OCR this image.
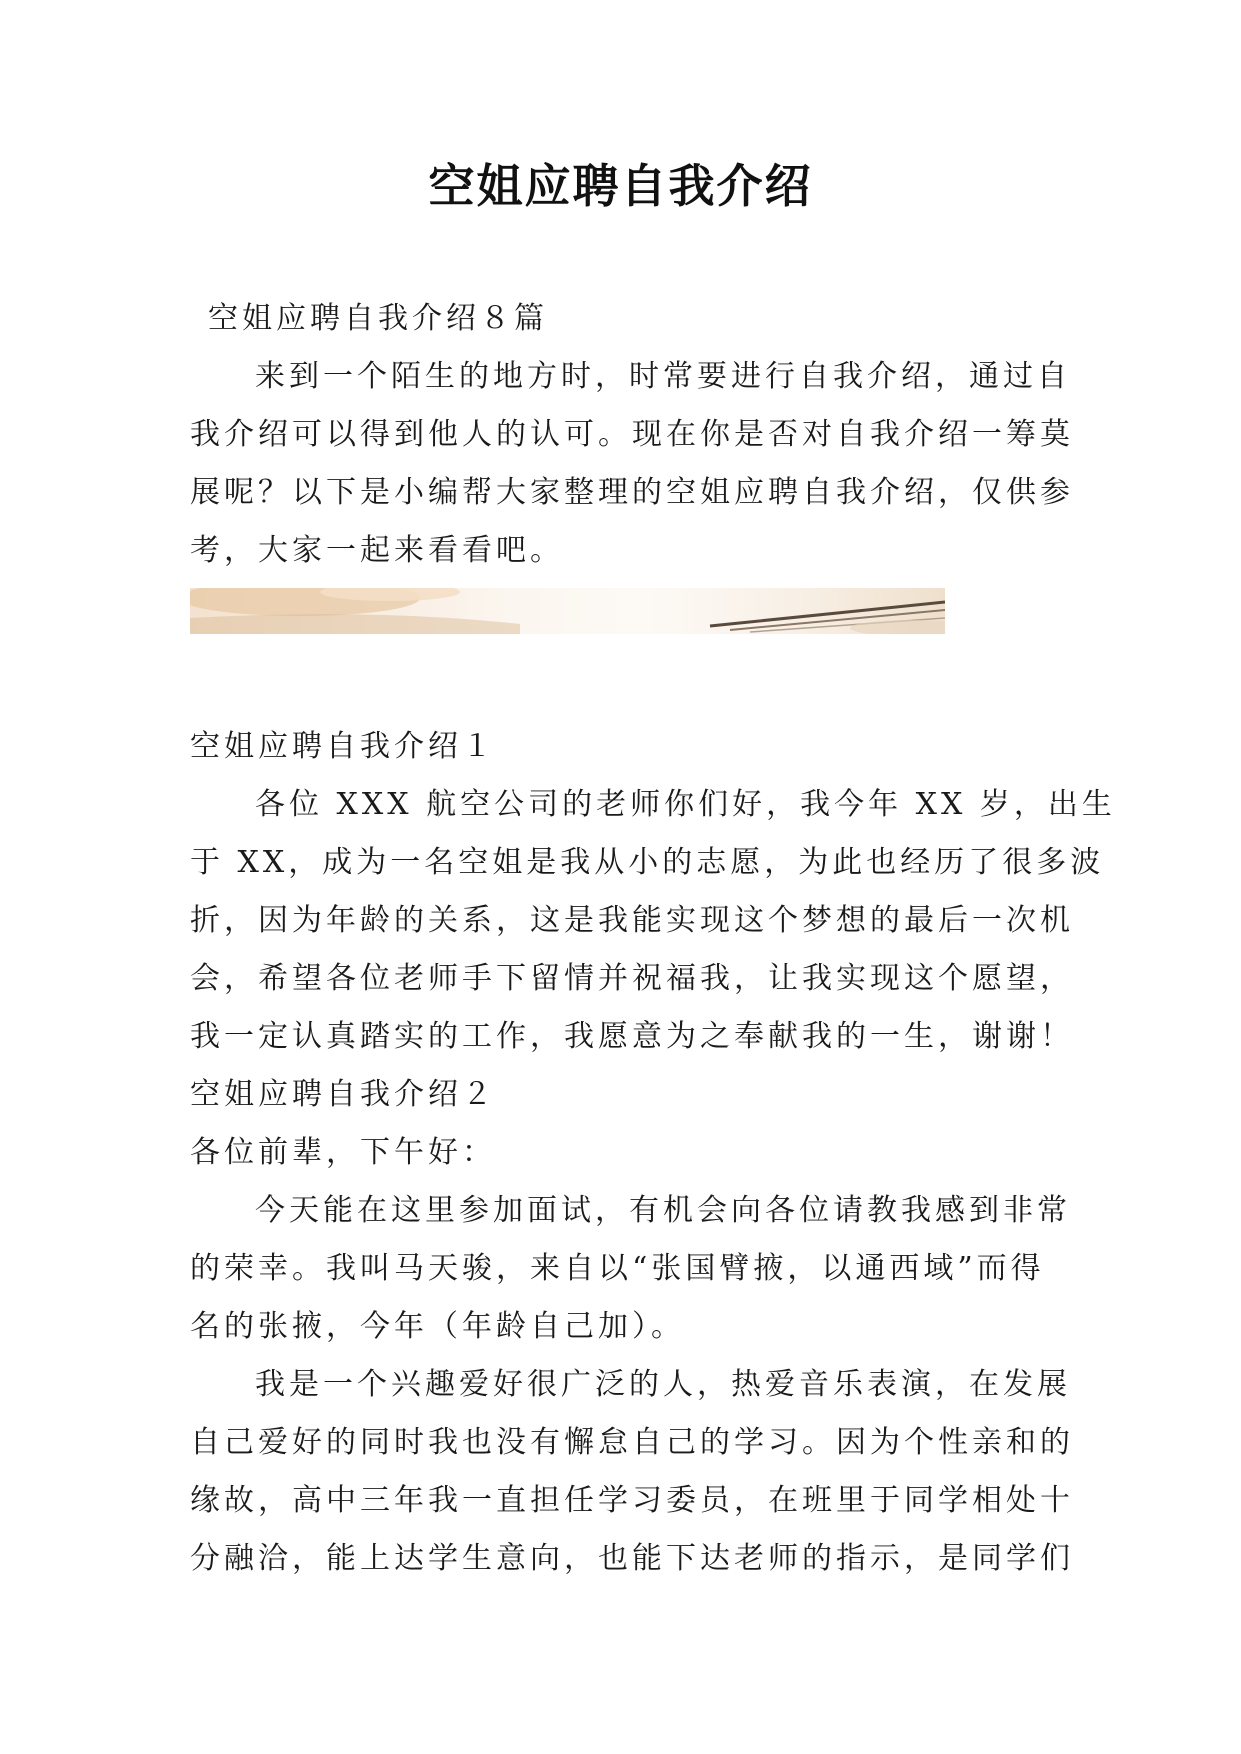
空姐应聘自我介绍
空姐应聘自我介绍８篇
来到一个陌生的地方时，时常要进行自我介绍，通过自
我介绍可以得到他人的认可。现在你是否对自我介绍一筹莫
展呢？以下是小编帮大家整理的空姐应聘自我介绍，仅供参
考，大家一起来看看吧。
空姐应聘自我介绍１
各位 XXX 航空公司的老师你们好，我今年 XX 岁，出生
于 XX，成为一名空姐是我从小的志愿，为此也经历了很多波
折，因为年龄的关系，这是我能实现这个梦想的最后一次机
会，希望各位老师手下留情并祝福我，让我实现这个愿望，
我一定认真踏实的工作，我愿意为之奉献我的一生，谢谢！
空姐应聘自我介绍２
各位前辈，下午好：
今天能在这里参加面试，有机会向各位请教我感到非常
的荣幸。我叫马天骏，来自以“张国臂掖，以通西域”而得
名的张掖，今年（年龄自己加）。
我是一个兴趣爱好很广泛的人，热爱音乐表演，在发展
自己爱好的同时我也没有懈怠自己的学习。因为个性亲和的
缘故，高中三年我一直担任学习委员，在班里于同学相处十
分融洽，能上达学生意向，也能下达老师的指示，是同学们
